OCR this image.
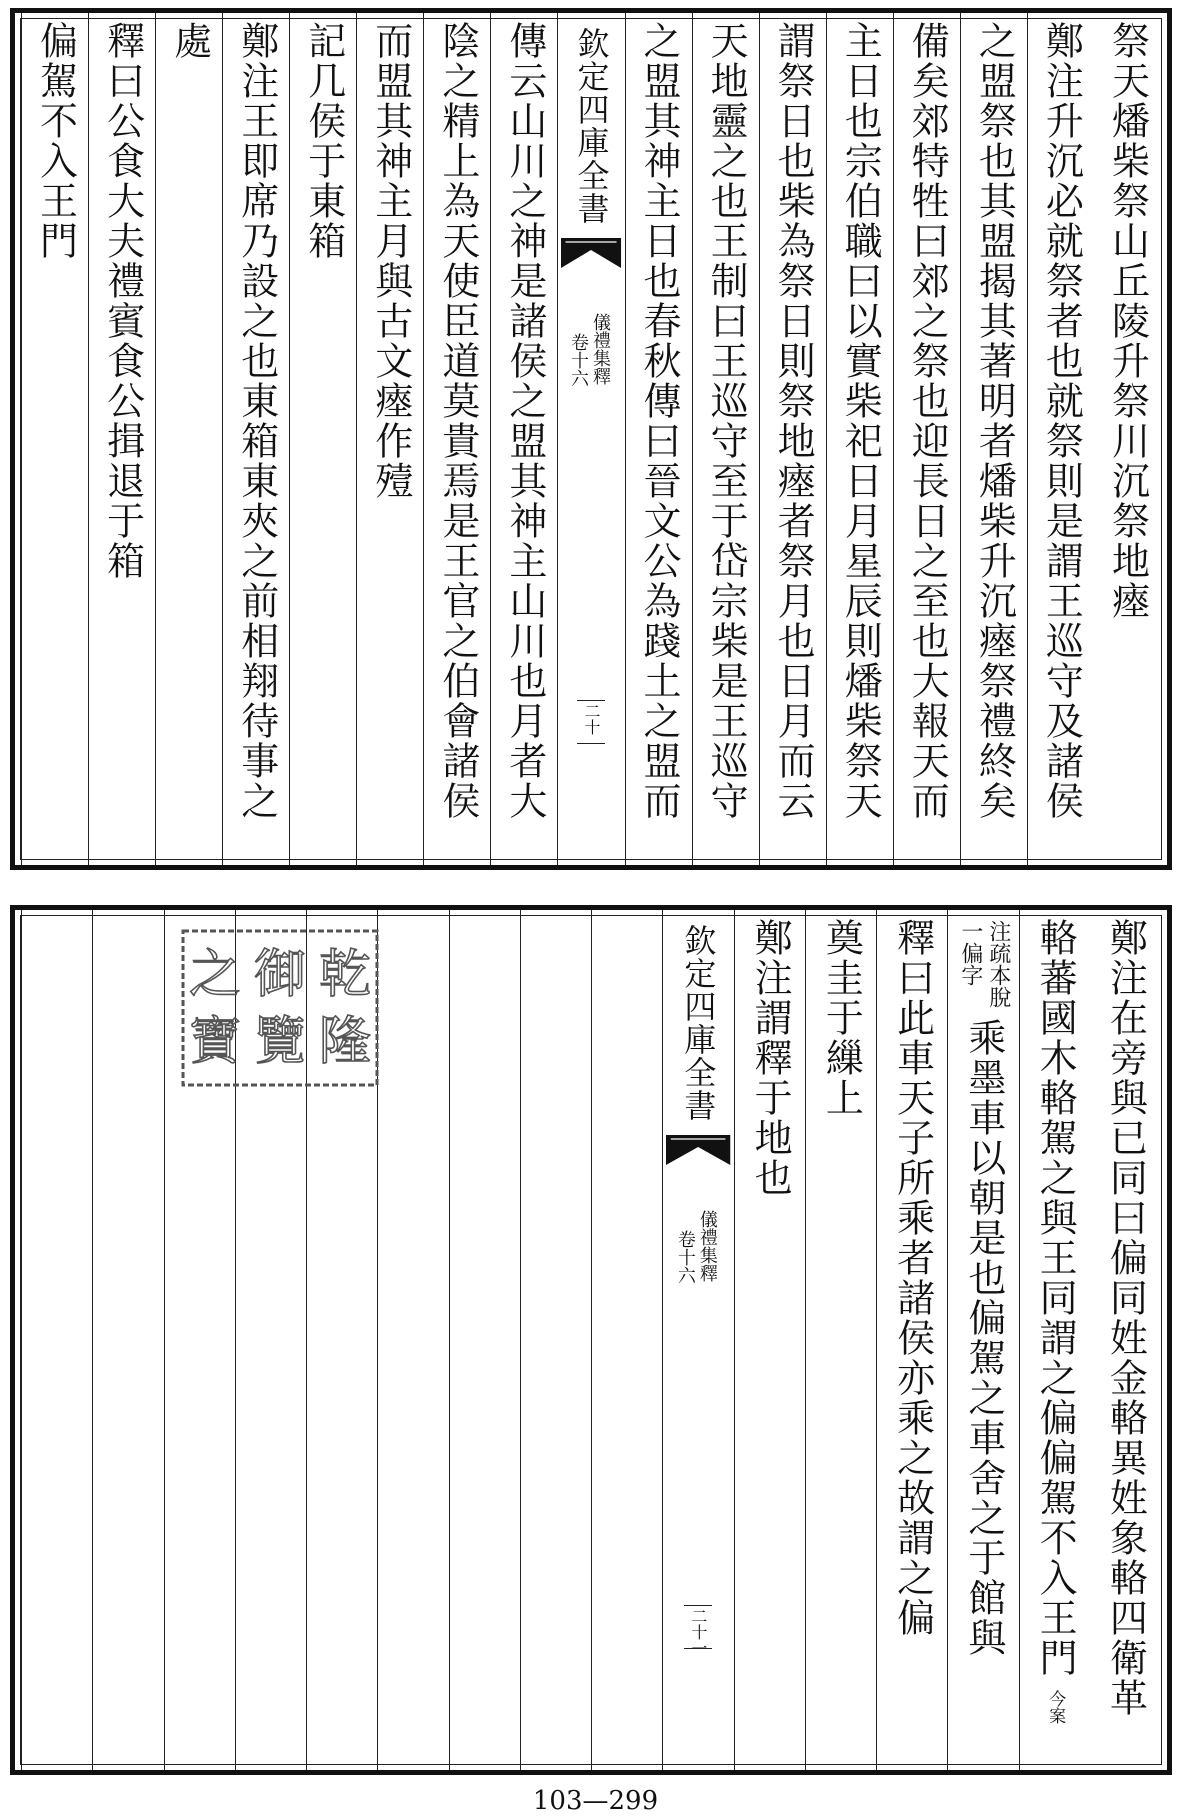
祭天燔柴祭山丘陵升祭川沉祭地瘞
鄭注升沉必就祭者也就祭則是謂王巡守及諸侯
之盟祭也其盟揭其著明者燔柴升沉瘞祭禮終矣
備矣郊特牲曰郊之祭也迎長日之至也大報天而
主日也宗伯職曰以實柴祀日月星辰則燔柴祭天
謂祭日也柴為祭日則祭地瘞者祭月也日月而云
天地靈之也王制曰王巡守至于岱宗柴是王巡守
之盟其神主日也春秋傳曰晉文公為踐土之盟而
欽定四庫全書
儀禮集釋
卷十六
二十
傳云山川之神是諸侯之盟其神主山川也月者大
陰之精上為天使臣道莫貴焉是王官之伯會諸侯
而盟其神主月與古文瘞作殪
記几侯于東箱
鄭注王即席乃設之也東箱東夾之前相翔待事之
處
釋曰公食大夫禮賓食公揖退于箱
偏駕不入王門
鄭注在旁與已同曰偏同姓金輅異姓象輅四衛革
輅蕃國木輅駕之與王同謂之偏偏駕不入王門
今案
乘墨車以朝是也偏駕之車舍之于館與
注疏本脫
一偏字
釋曰此車天子所乘者諸侯亦乘之故謂之偏
奠圭于繅上
鄭注謂釋于地也
欽定四庫全書
儀禮集釋
卷十六
二十一
乾
隆
御
覽
之
寶
103—299
